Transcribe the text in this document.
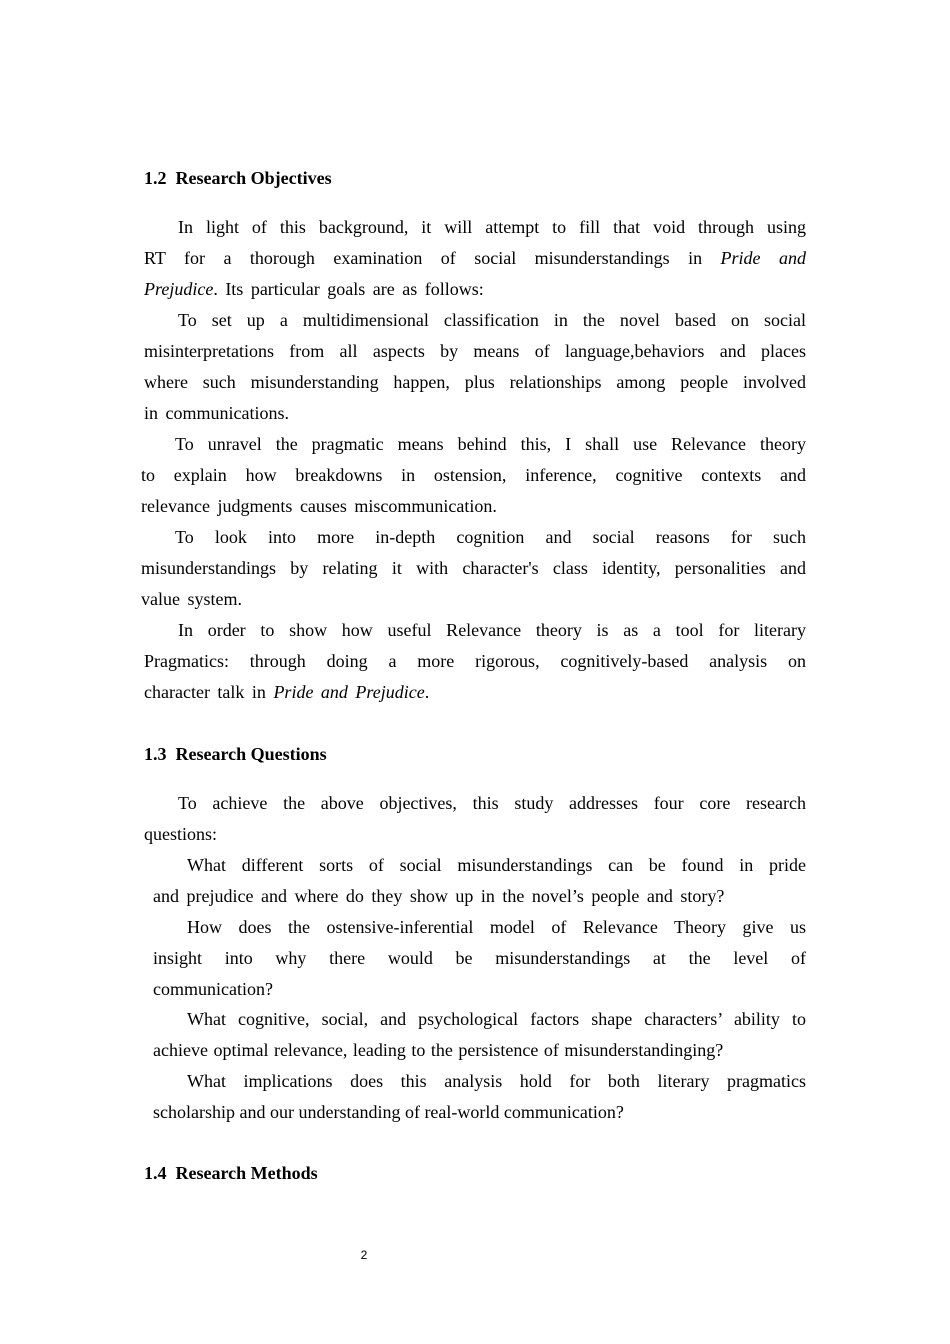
1.2  Research Objectives
In light of this background, it will attempt to fill that void through using
RT for a thorough examination of social misunderstandings in Pride and
Prejudice. Its particular goals are as follows:
To set up a multidimensional classification in the novel based on social
misinterpretations from all aspects by means of language,behaviors and places
where such misunderstanding happen, plus relationships among people involved
in communications.
To unravel the pragmatic means behind this, I shall use Relevance theory
to explain how breakdowns in ostension, inference, cognitive contexts and
relevance judgments causes miscommunication.
To look into more in-depth cognition and social reasons for such
misunderstandings by relating it with character's class identity, personalities and
value system.
In order to show how useful Relevance theory is as a tool for literary
Pragmatics: through doing a more rigorous, cognitively-based analysis on
character talk in Pride and Prejudice.
1.3  Research Questions
To achieve the above objectives, this study addresses four core research
questions:
What different sorts of social misunderstandings can be found in pride
and prejudice and where do they show up in the novel’s people and story?
How does the ostensive-inferential model of Relevance Theory give us
insight into why there would be misunderstandings at the level of
communication?
What cognitive, social, and psychological factors shape characters’ ability to
achieve optimal relevance, leading to the persistence of misunderstandinging?
What implications does this analysis hold for both literary pragmatics
scholarship and our understanding of real-world communication?
1.4  Research Methods
2
